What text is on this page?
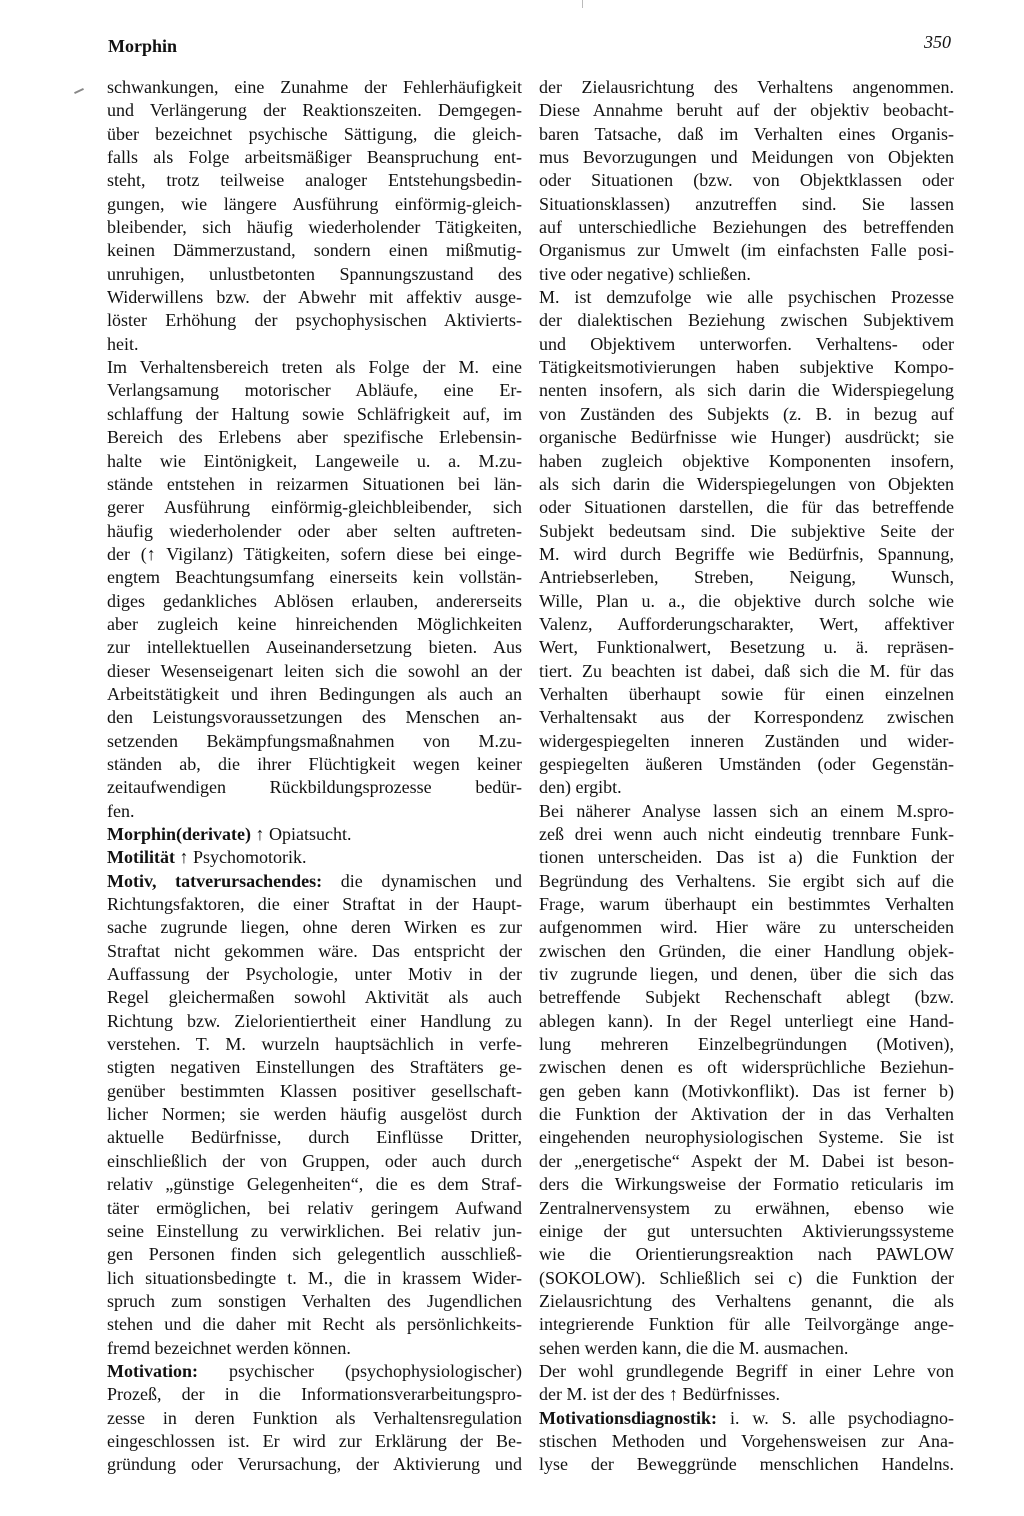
Morphin	350
schwankungen, eine Zunahme der Fehlerhäufigkeit
und Verlängerung der Reaktionszeiten. Demgegen-
über bezeichnet psychische Sättigung, die gleich-
falls als Folge arbeitsmäßiger Beanspruchung ent-
steht, trotz teilweise analoger Entstehungsbedin-
gungen, wie längere Ausführung einförmig-gleich-
bleibender, sich häufig wiederholender Tätigkeiten,
keinen Dämmerzustand, sondern einen mißmutig-
unruhigen, unlustbetonten Spannungszustand des
Widerwillens bzw. der Abwehr mit affektiv ausge-
löster Erhöhung der psychophysischen Aktivierts-
heit.
Im Verhaltensbereich treten als Folge der M. eine
Verlangsamung motorischer Abläufe, eine Er-
schlaffung der Haltung sowie Schläfrigkeit auf, im
Bereich des Erlebens aber spezifische Erlebensin-
halte wie Eintönigkeit, Langeweile u. a. M.zu-
stände entstehen in reizarmen Situationen bei län-
gerer Ausführung einförmig-gleichbleibender, sich
häufig wiederholender oder aber selten auftreten-
der (↑ Vigilanz) Tätigkeiten, sofern diese bei einge-
engtem Beachtungsumfang einerseits kein vollstän-
diges gedankliches Ablösen erlauben, andererseits
aber zugleich keine hinreichenden Möglichkeiten
zur intellektuellen Auseinandersetzung bieten. Aus
dieser Wesenseigenart leiten sich die sowohl an der
Arbeitstätigkeit und ihren Bedingungen als auch an
den Leistungsvoraussetzungen des Menschen an-
setzenden Bekämpfungsmaßnahmen von M.zu-
ständen ab, die ihrer Flüchtigkeit wegen keiner
zeitaufwendigen Rückbildungsprozesse bedür-
fen.
Morphin(derivate) ↑ Opiatsucht.
Motilität ↑ Psychomotorik.
Motiv, tatverursachendes: die dynamischen und
Richtungsfaktoren, die einer Straftat in der Haupt-
sache zugrunde liegen, ohne deren Wirken es zur
Straftat nicht gekommen wäre. Das entspricht der
Auffassung der Psychologie, unter Motiv in der
Regel gleichermaßen sowohl Aktivität als auch
Richtung bzw. Zielorientiertheit einer Handlung zu
verstehen. T. M. wurzeln hauptsächlich in verfe-
stigten negativen Einstellungen des Straftäters ge-
genüber bestimmten Klassen positiver gesellschaft-
licher Normen; sie werden häufig ausgelöst durch
aktuelle Bedürfnisse, durch Einflüsse Dritter,
einschließlich der von Gruppen, oder auch durch
relativ „günstige Gelegenheiten“, die es dem Straf-
täter ermöglichen, bei relativ geringem Aufwand
seine Einstellung zu verwirklichen. Bei relativ jun-
gen Personen finden sich gelegentlich ausschließ-
lich situationsbedingte t. M., die in krassem Wider-
spruch zum sonstigen Verhalten des Jugendlichen
stehen und die daher mit Recht als persönlichkeits-
fremd bezeichnet werden können.
Motivation: psychischer (psychophysiologischer)
Prozeß, der in die Informationsverarbeitungspro-
zesse in deren Funktion als Verhaltensregulation
eingeschlossen ist. Er wird zur Erklärung der Be-
gründung oder Verursachung, der Aktivierung und
der Zielausrichtung des Verhaltens angenommen.
Diese Annahme beruht auf der objektiv beobacht-
baren Tatsache, daß im Verhalten eines Organis-
mus Bevorzugungen und Meidungen von Objekten
oder Situationen (bzw. von Objektklassen oder
Situationsklassen) anzutreffen sind. Sie lassen
auf unterschiedliche Beziehungen des betreffenden
Organismus zur Umwelt (im einfachsten Falle posi-
tive oder negative) schließen.
M. ist demzufolge wie alle psychischen Prozesse
der dialektischen Beziehung zwischen Subjektivem
und Objektivem unterworfen. Verhaltens- oder
Tätigkeitsmotivierungen haben subjektive Kompo-
nenten insofern, als sich darin die Widerspiegelung
von Zuständen des Subjekts (z. B. in bezug auf
organische Bedürfnisse wie Hunger) ausdrückt; sie
haben zugleich objektive Komponenten insofern,
als sich darin die Widerspiegelungen von Objekten
oder Situationen darstellen, die für das betreffende
Subjekt bedeutsam sind. Die subjektive Seite der
M. wird durch Begriffe wie Bedürfnis, Spannung,
Antriebserleben, Streben, Neigung, Wunsch,
Wille, Plan u. a., die objektive durch solche wie
Valenz, Aufforderungscharakter, Wert, affektiver
Wert, Funktionalwert, Besetzung u. ä. repräsen-
tiert. Zu beachten ist dabei, daß sich die M. für das
Verhalten überhaupt sowie für einen einzelnen
Verhaltensakt aus der Korrespondenz zwischen
widergespiegelten inneren Zuständen und wider-
gespiegelten äußeren Umständen (oder Gegenstän-
den) ergibt.
Bei näherer Analyse lassen sich an einem M.spro-
zeß drei wenn auch nicht eindeutig trennbare Funk-
tionen unterscheiden. Das ist a) die Funktion der
Begründung des Verhaltens. Sie ergibt sich auf die
Frage, warum überhaupt ein bestimmtes Verhalten
aufgenommen wird. Hier wäre zu unterscheiden
zwischen den Gründen, die einer Handlung objek-
tiv zugrunde liegen, und denen, über die sich das
betreffende Subjekt Rechenschaft ablegt (bzw.
ablegen kann). In der Regel unterliegt eine Hand-
lung mehreren Einzelbegründungen (Motiven),
zwischen denen es oft widersprüchliche Beziehun-
gen geben kann (Motivkonflikt). Das ist ferner b)
die Funktion der Aktivation der in das Verhalten
eingehenden neurophysiologischen Systeme. Sie ist
der „energetische“ Aspekt der M. Dabei ist beson-
ders die Wirkungsweise der Formatio reticularis im
Zentralnervensystem zu erwähnen, ebenso wie
einige der gut untersuchten Aktivierungssysteme
wie die Orientierungsreaktion nach PAWLOW
(SOKOLOW). Schließlich sei c) die Funktion der
Zielausrichtung des Verhaltens genannt, die als
integrierende Funktion für alle Teilvorgänge ange-
sehen werden kann, die die M. ausmachen.
Der wohl grundlegende Begriff in einer Lehre von
der M. ist der des ↑ Bedürfnisses.
Motivationsdiagnostik: i. w. S. alle psychodiagno-
stischen Methoden und Vorgehensweisen zur Ana-
lyse der Beweggründe menschlichen Handelns.
